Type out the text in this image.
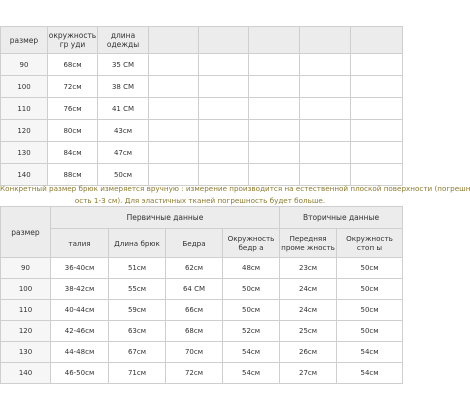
размер	окружность гр уди	длина одежды					
90	68см	35 СМ					
100	72см	38 СМ					
110	76см	41 СМ					
120	80см	43см					
130	84см	47см					
140	88см	50см					
Конкретный размер брюк измеряется вручную : измерение производится на естественной плоской поверхности (погрешн
ость 1-3 см). Для эластичных тканей погрешность будет больше.
размер	Первичные данные				Вторичные данные	
	талия	Длина брюк	Бедра	Окружность бедр а	Передняя проме жность	Окружность стоп ы
90	36-40см	51см	62см	48см	23см	50см
100	38-42см	55см	64 СМ	50см	24см	50см
110	40-44см	59см	66см	50см	24см	50см
120	42-46см	63см	68см	52см	25см	50см
130	44-48см	67см	70см	54см	26см	54см
140	46-50см	71см	72см	54см	27см	54см
